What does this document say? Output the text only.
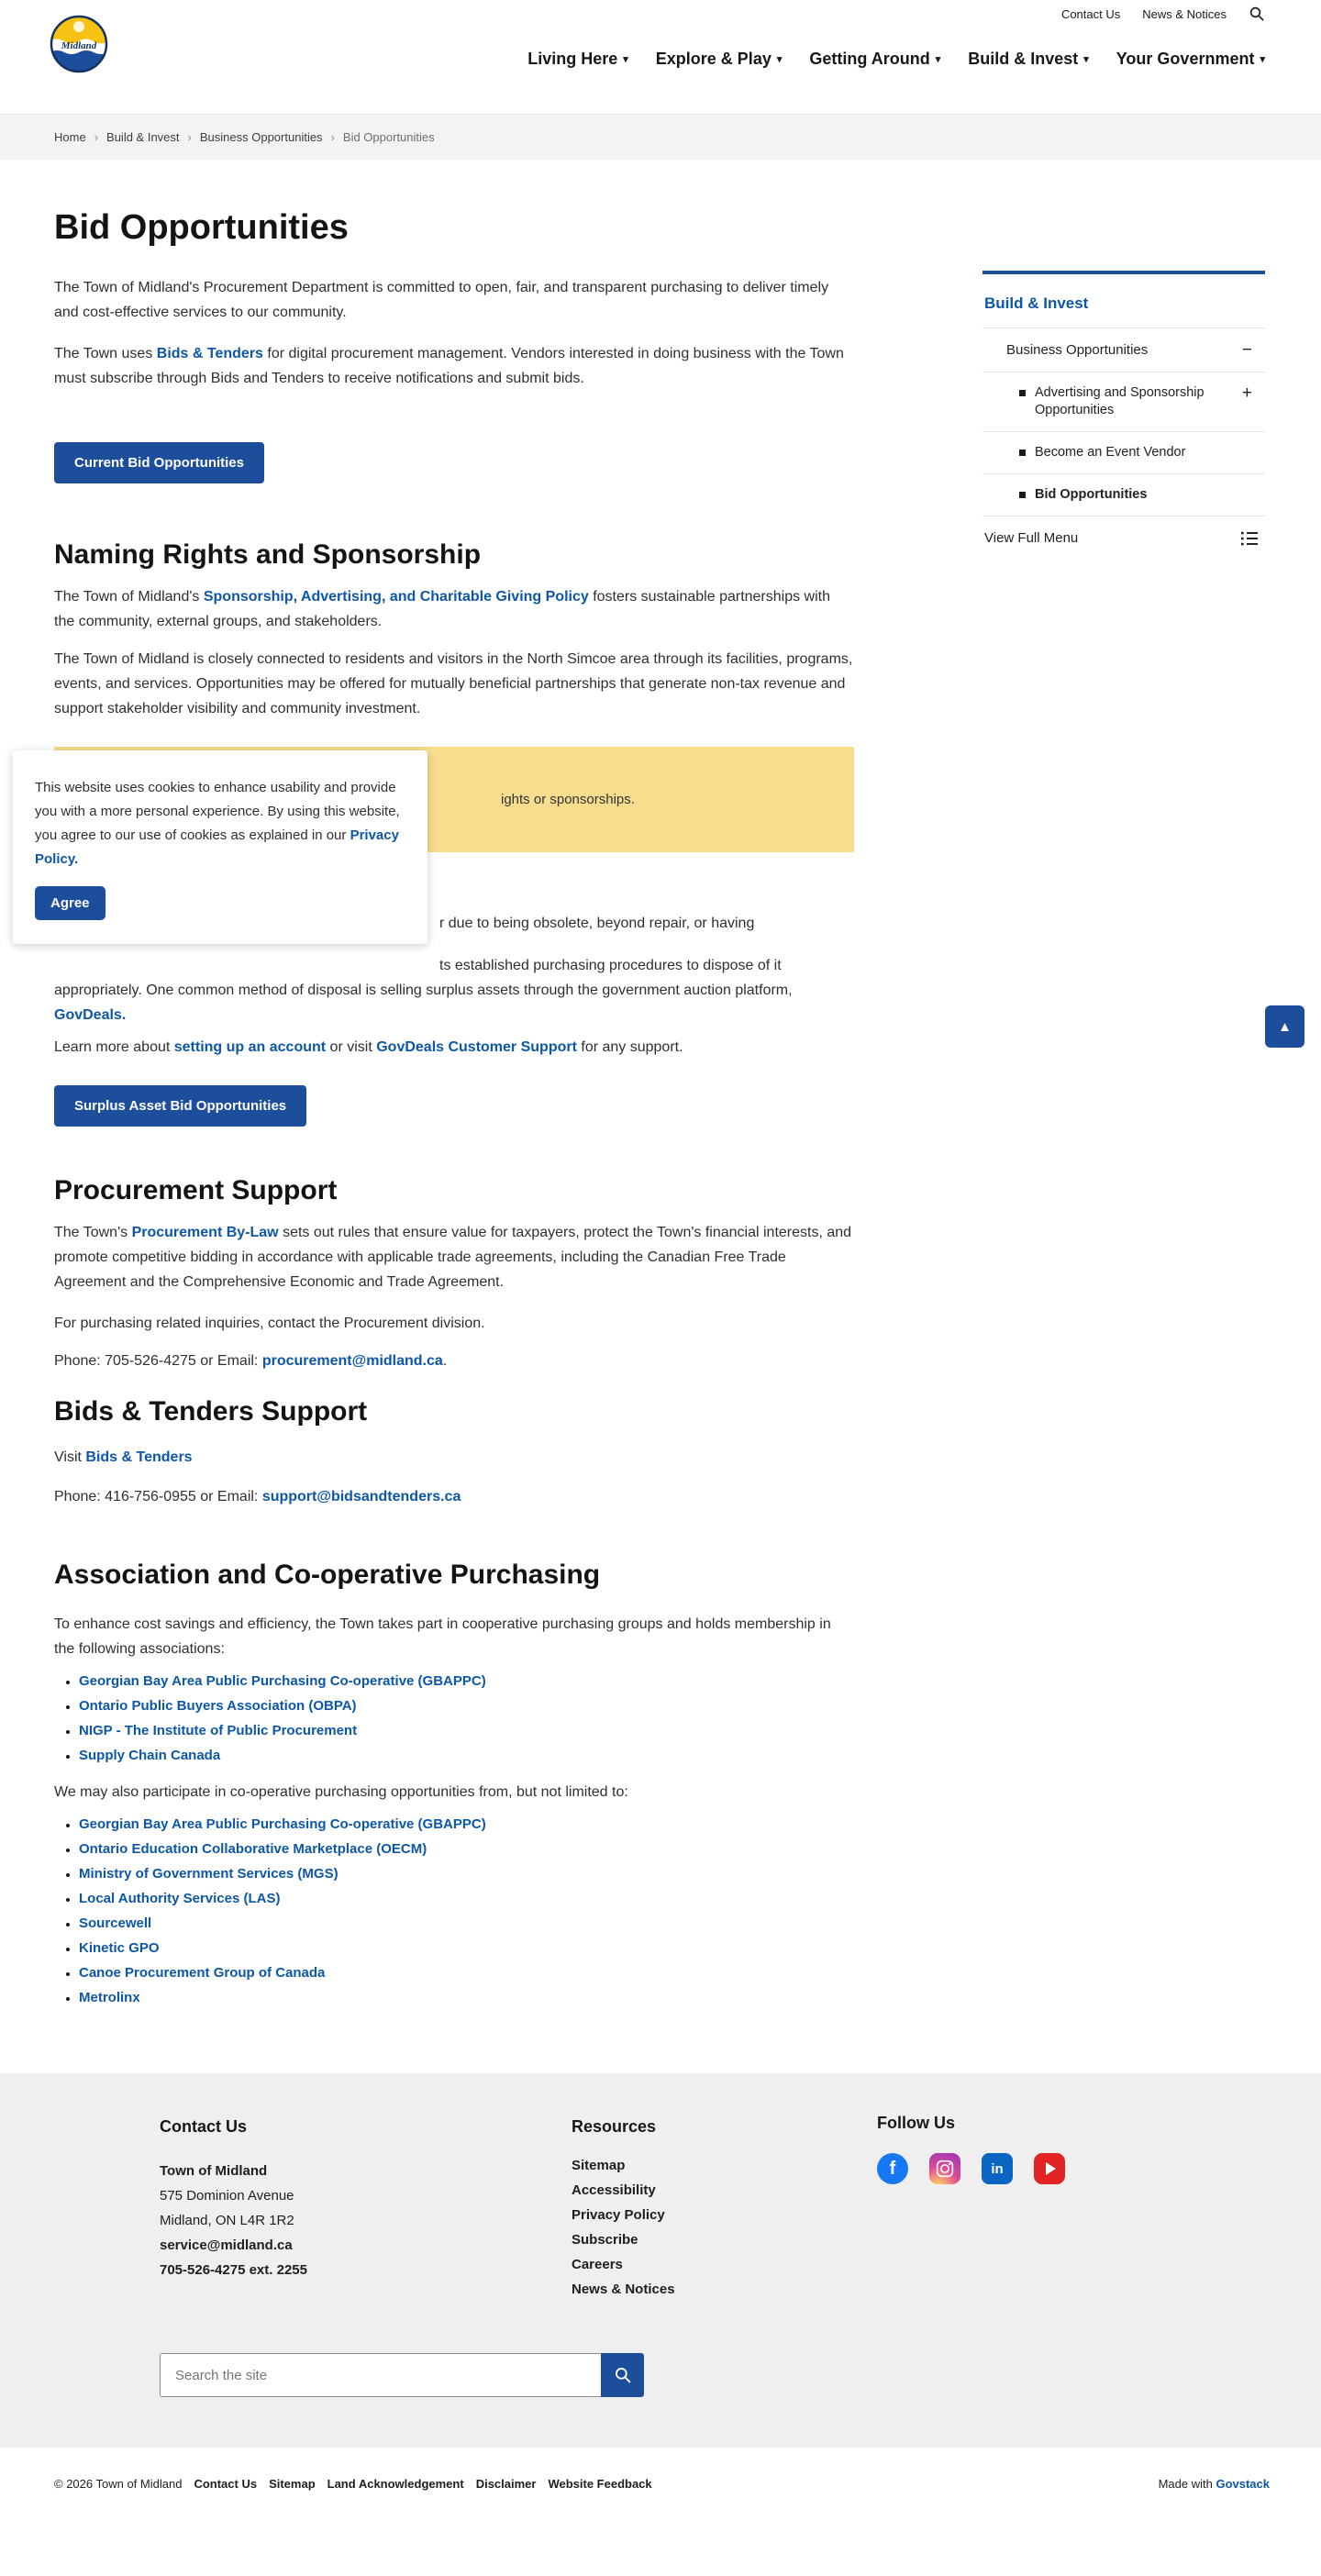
Midland
Contact Us News & Notices
Living Here ▾ Explore & Play ▾ Getting Around ▾ Build & Invest ▾ Your Government ▾
Home › Build & Invest › Business Opportunities › Bid Opportunities
Bid Opportunities

The Town of Midland's Procurement Department is committed to open, fair, and transparent purchasing to deliver timely and cost-effective services to our community.

The Town uses Bids & Tenders for digital procurement management. Vendors interested in doing business with the Town must subscribe through Bids and Tenders to receive notifications and submit bids.

Current Bid Opportunities
Naming Rights and Sponsorship

The Town of Midland's Sponsorship, Advertising, and Charitable Giving Policy fosters sustainable partnerships with the community, external groups, and stakeholders.

The Town of Midland is closely connected to residents and visitors in the North Simcoe area through its facilities, programs, events, and services. Opportunities may be offered for mutually beneficial partnerships that generate non-tax revenue and support stakeholder visibility and community investment.

ights or sponsorships.
r due to being obsolete, beyond repair, or having
ts established purchasing procedures to dispose of it

appropriately. One common method of disposal is selling surplus assets through the government auction platform, GovDeals.

Learn more about setting up an account or visit GovDeals Customer Support for any support.

Surplus Asset Bid Opportunities
Procurement Support

The Town's Procurement By-Law sets out rules that ensure value for taxpayers, protect the Town's financial interests, and promote competitive bidding in accordance with applicable trade agreements, including the Canadian Free Trade Agreement and the Comprehensive Economic and Trade Agreement.

For purchasing related inquiries, contact the Procurement division.

Phone: 705-526-4275 or Email: procurement@midland.ca.

Bids & Tenders Support

Visit Bids & Tenders

Phone: 416-756-0955 or Email: support@bidsandtenders.ca

Association and Co-operative Purchasing

To enhance cost savings and efficiency, the Town takes part in cooperative purchasing groups and holds membership in the following associations:

• Georgian Bay Area Public Purchasing Co-operative (GBAPPC)
• Ontario Public Buyers Association (OBPA)
• NIGP - The Institute of Public Procurement
• Supply Chain Canada

We may also participate in co-operative purchasing opportunities from, but not limited to:

• Georgian Bay Area Public Purchasing Co-operative (GBAPPC)
• Ontario Education Collaborative Marketplace (OECM)
• Ministry of Government Services (MGS)
• Local Authority Services (LAS)
• Sourcewell
• Kinetic GPO
• Canoe Procurement Group of Canada
• Metrolinx
Build & Invest
Business Opportunities	−
Advertising and Sponsorship Opportunities
+
Become an Event Vendor
Bid Opportunities
View Full Menu

This website uses cookies to enhance usability and provide you with a more personal experience. By using this website, you agree to our use of cookies as explained in our Privacy Policy.

Agree
▲
Contact Us
Town of Midland
575 Dominion Avenue
Midland, ON L4R 1R2
service@midland.ca
705-526-4275 ext. 2255
Search the site
Resources
Sitemap
Accessibility
Privacy Policy
Subscribe
Careers
News & Notices
Follow Us
f	in
© 2026 Town of Midland Contact Us Sitemap Land Acknowledgement Disclaimer Website Feedback	Made with Govstack
